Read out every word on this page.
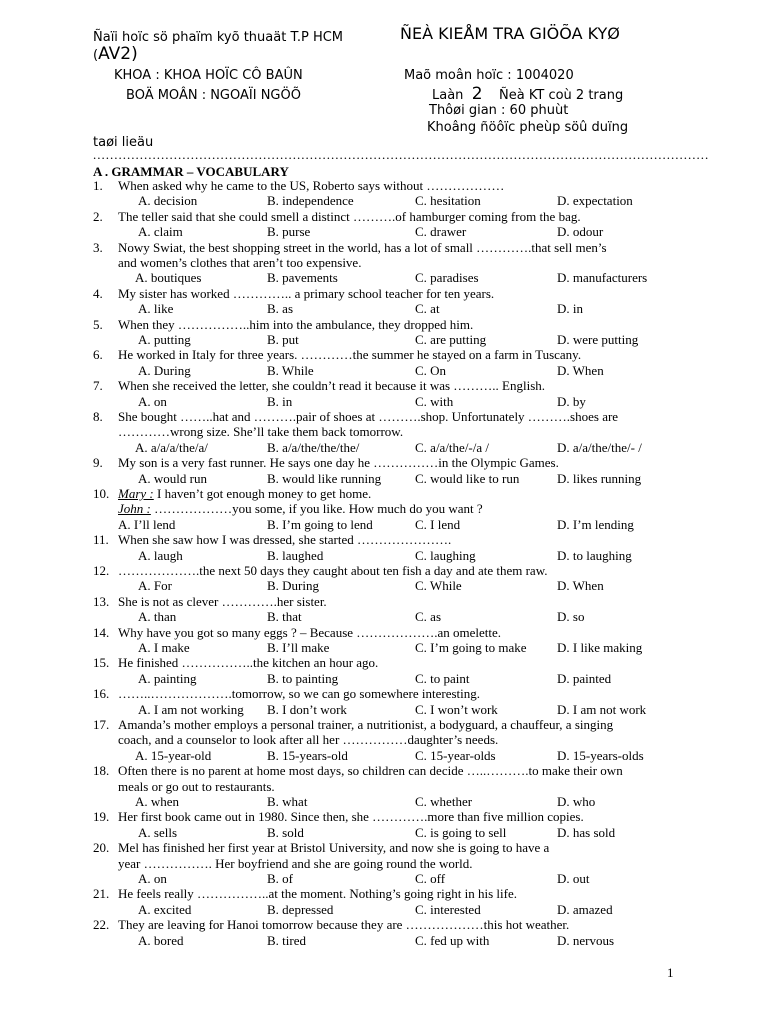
Ñaïi hoïc sö phaïm kyõ thuaät T.P HCM	ÑEÀ KIEÅM TRA GIÖÕA KYØ
(AV2)
KHOA : KHOA HOÏC CÔ BAÛN	Maõ moân hoïc : 1004020
BOÄ MOÂN : NGOAÏI NGÖÕ	Laàn 2 Ñeà KT coù 2 trang
Thôøi gian : 60 phuùt
Khoâng ñöôïc pheùp söû duïng
taøi lieäu
.................................................................................................................................................
A . GRAMMAR – VOCABULARY
1. When asked why he came to the US, Roberto says without ………………
A. decision	B. independence	C. hesitation	D. expectation
2. The teller said that she could smell a distinct ……….of hamburger coming from the bag.
A. claim	B. purse	C. drawer	D. odour
3. Nowy Swiat, the best shopping street in the world, has a lot of small ………….that sell men’s
and women’s clothes that aren’t too expensive.
A. boutiques	B. pavements	C. paradises	D. manufacturers
4. My sister has worked ………….. a primary school teacher for ten years.
A. like	B. as	C. at	D. in
5. When they ……………..him into the ambulance, they dropped him.
A. putting	B. put	C. are putting	D. were putting
6. He worked in Italy for three years. …………the summer he stayed on a farm in Tuscany.
A. During	B. While	C. On	D. When
7. When she received the letter, she couldn’t read it because it was ……….. English.
A. on	B. in	C. with	D. by
8. She bought ……..hat and ……….pair of shoes at ……….shop. Unfortunately ……….shoes are
…………wrong size. She’ll take them back tomorrow.
A. a/a/a/the/a/	B. a/a/the/the/the/	C. a/a/the/-/a /	D. a/a/the/the/- /
9. My son is a very fast runner. He says one day he ……………in the Olympic Games.
A. would run	B. would like running	C. would like to run	D. likes running
10. Mary : I haven’t got enough money to get home.
John : ………………you some, if you like. How much do you want ?
A. I’ll lend	B. I’m going to lend	C. I lend	D. I’m lending
11. When she saw how I was dressed, she started ………………….
A. laugh	B. laughed	C. laughing	D. to laughing
12. ……………….the next 50 days they caught about ten fish a day and ate them raw.
A. For	B. During	C. While	D. When
13. She is not as clever ………….her sister.
A. than	B. that	C. as	D. so
14. Why have you got so many eggs ? – Because ……………….an omelette.
A. I make	B. I’ll make	C. I’m going to make D. I like making
15. He finished ……………..the kitchen an hour ago.
A. painting	B. to painting	C. to paint	D. painted
16. ……..……………….tomorrow, so we can go somewhere interesting.
A. I am not working B. I don’t work	C. I won’t work	D. I am not work
17. Amanda’s mother employs a personal trainer, a nutritionist, a bodyguard, a chauffeur, a singing
coach, and a counselor to look after all her ……………daughter’s needs.
A. 15-year-old	B. 15-years-old	C. 15-year-olds	D. 15-years-olds
18. Often there is no parent at home most days, so children can decide …..……….to make their own
meals or go out to restaurants.
A. when	B. what	C. whether	D. who
19. Her first book came out in 1980. Since then, she ………….more than five million copies.
A. sells	B. sold	C. is going to sell	D. has sold
20. Mel has finished her first year at Bristol University, and now she is going to have a
year ……………. Her boyfriend and she are going round the world.
A. on	B. of	C. off	D. out
21. He feels really ……………..at the moment. Nothing’s going right in his life.
A. excited	B. depressed	C. interested	D. amazed
22. They are leaving for Hanoi tomorrow because they are ………………this hot weather.
A. bored	B. tired	C. fed up with	D. nervous
1
